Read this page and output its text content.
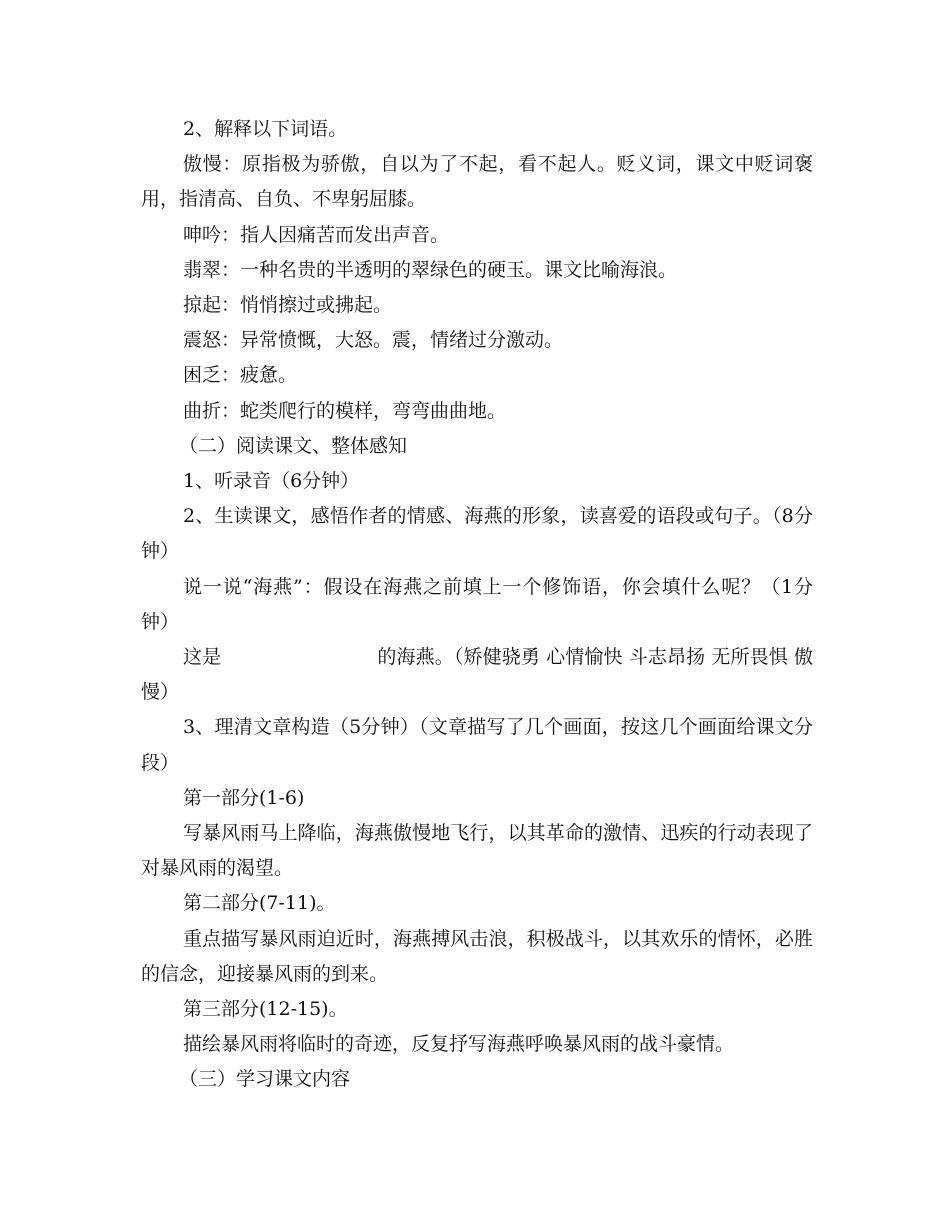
2、解释以下词语。

傲慢：原指极为骄傲，自以为了不起，看不起人。贬义词，课文中贬词褒用，指清高、自负、不卑躬屈膝。

呻吟：指人因痛苦而发出声音。

翡翠：一种名贵的半透明的翠绿色的硬玉。课文比喻海浪。

掠起：悄悄擦过或拂起。

震怒：异常愤慨，大怒。震，情绪过分激动。

困乏：疲惫。

曲折：蛇类爬行的模样，弯弯曲曲地。

（二）阅读课文、整体感知

1、听录音（6分钟）

2、生读课文，感悟作者的情感、海燕的形象，读喜爱的语段或句子。（8分钟）

说一说“海燕”：假设在海燕之前填上一个修饰语，你会填什么呢？（1分钟）

这是	的海燕。（矫健骁勇 心情愉快 斗志昂扬 无所畏惧 傲慢）

3、理清文章构造（5分钟）（文章描写了几个画面，按这几个画面给课文分段）

第一部分(1-6)

写暴风雨马上降临，海燕傲慢地飞行，以其革命的激情、迅疾的行动表现了对暴风雨的渴望。

第二部分(7-11)。

重点描写暴风雨迫近时，海燕搏风击浪，积极战斗，以其欢乐的情怀，必胜的信念，迎接暴风雨的到来。

第三部分(12-15)。

描绘暴风雨将临时的奇迹，反复抒写海燕呼唤暴风雨的战斗豪情。

（三）学习课文内容
